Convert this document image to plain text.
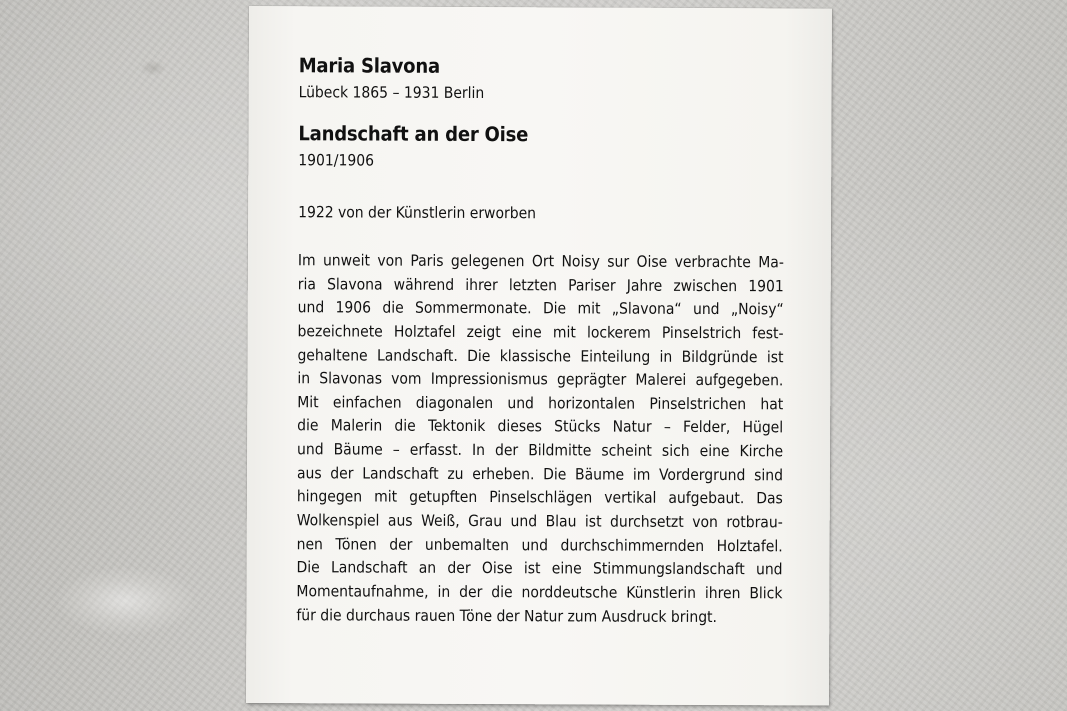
Maria Slavona
Lübeck 1865 – 1931 Berlin
Landschaft an der Oise
1901/1906
1922 von der Künstlerin erworben
Im unweit von Paris gelegenen Ort Noisy sur Oise verbrachte Ma-
ria Slavona während ihrer letzten Pariser Jahre zwischen 1901
und 1906 die Sommermonate. Die mit „Slavona“ und „Noisy“
bezeichnete Holztafel zeigt eine mit lockerem Pinselstrich fest-
gehaltene Landschaft. Die klassische Einteilung in Bildgründe ist
in Slavonas vom Impressionismus geprägter Malerei aufgegeben.
Mit einfachen diagonalen und horizontalen Pinselstrichen hat
die Malerin die Tektonik dieses Stücks Natur – Felder, Hügel
und Bäume – erfasst. In der Bildmitte scheint sich eine Kirche
aus der Landschaft zu erheben. Die Bäume im Vordergrund sind
hingegen mit getupften Pinselschlägen vertikal aufgebaut. Das
Wolkenspiel aus Weiß, Grau und Blau ist durchsetzt von rotbrau-
nen Tönen der unbemalten und durchschimmernden Holztafel.
Die Landschaft an der Oise ist eine Stimmungslandschaft und
Momentaufnahme, in der die norddeutsche Künstlerin ihren Blick
für die durchaus rauen Töne der Natur zum Ausdruck bringt.
